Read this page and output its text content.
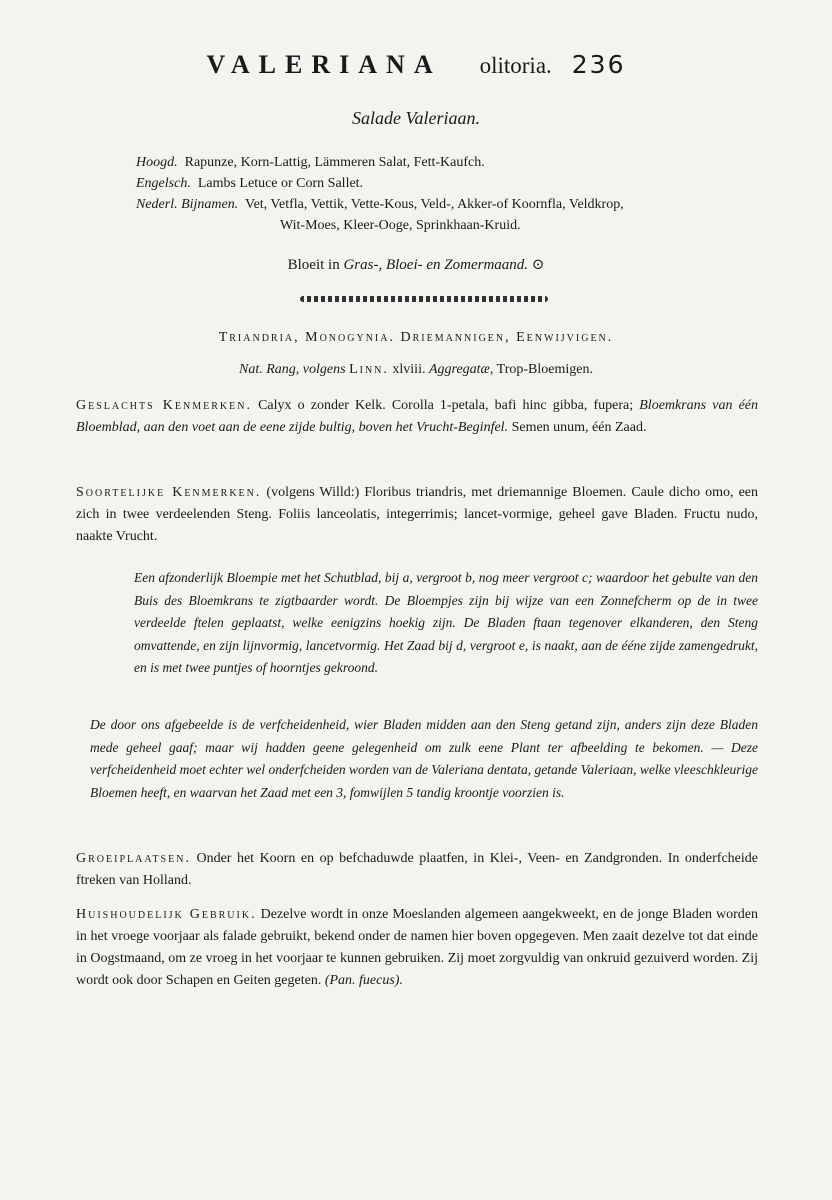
VALERIANA olitoria. 236
Salade Valeriaan.
Hoogd. Rapunze, Korn-Lattig, Lämmeren Salat, Fett-Kaufch.
Engelsch. Lambs Letuce or Corn Sallet.
Nederl. Bijnamen. Vet, Vetfla, Vettik, Vette-Kous, Veld-, Akker-of Koornfla, Veldkrop,
Wit-Moes, Kleer-Ooge, Sprinkhaan-Kruid.
Bloeit in Gras-, Bloei- en Zomermaand. ⊙
Triandria, Monogynia. Driemannigen, Eenwijvigen.
Nat. Rang, volgens Linn. xlviii. Aggregatæ, Trop-Bloemigen.
Geslachts Kenmerken. Calyx o zonder Kelk. Corolla 1-petala, bafi hinc gibba, fupera; Bloemkrans van één Bloemblad, aan den voet aan de eene zijde bultig, boven het Vrucht-Beginfel. Semen unum, één Zaad.
Soortelijke Kenmerken. (volgens Willd:) Floribus triandris, met driemannige Bloemen. Caule dicho omo, een zich in twee verdeelenden Steng. Foliis lanceolatis, integerrimis; lancet-vormige, geheel gave Bladen. Fructu nudo, naakte Vrucht.
Een afzonderlijk Bloempie met het Schutblad, bij a, vergroot b, nog meer vergroot c; waardoor het gebulte van den Buis des Bloemkrans te zigtbaarder wordt. De Bloempjes zijn bij wijze van een Zonnefcherm op de in twee verdeelde ftelen geplaatst, welke eenigzins hoekig zijn. De Bladen ftaan tegenover elkanderen, den Steng omvattende, en zijn lijnvormig, lancetvormig. Het Zaad bij d, vergroot e, is naakt, aan de ééne zijde zamengedrukt, en is met twee puntjes of hoorntjes gekroond.
De door ons afgebeelde is de verfcheidenheid, wier Bladen midden aan den Steng getand zijn, anders zijn deze Bladen mede geheel gaaf; maar wij hadden geene gelegenheid om zulk eene Plant ter afbeelding te bekomen. — Deze verfcheidenheid moet echter wel onderfcheiden worden van de Valeriana dentata, getande Valeriaan, welke vleeschkleurige Bloemen heeft, en waarvan het Zaad met een 3, fomwijlen 5 tandig kroontje voorzien is.
Groeiplaatsen. Onder het Koorn en op befchaduwde plaatfen, in Klei-, Veen- en Zandgronden. In onderfcheide ftreken van Holland.
Huishoudelijk Gebruik. Dezelve wordt in onze Moeslanden algemeen aangekweekt, en de jonge Bladen worden in het vroege voorjaar als falade gebruikt, bekend onder de namen hier boven opgegeven. Men zaait dezelve tot dat einde in Oogstmaand, om ze vroeg in het voorjaar te kunnen gebruiken. Zij moet zorgvuldig van onkruid gezuiverd worden. Zij wordt ook door Schapen en Geiten gegeten. (Pan. fuecus).
